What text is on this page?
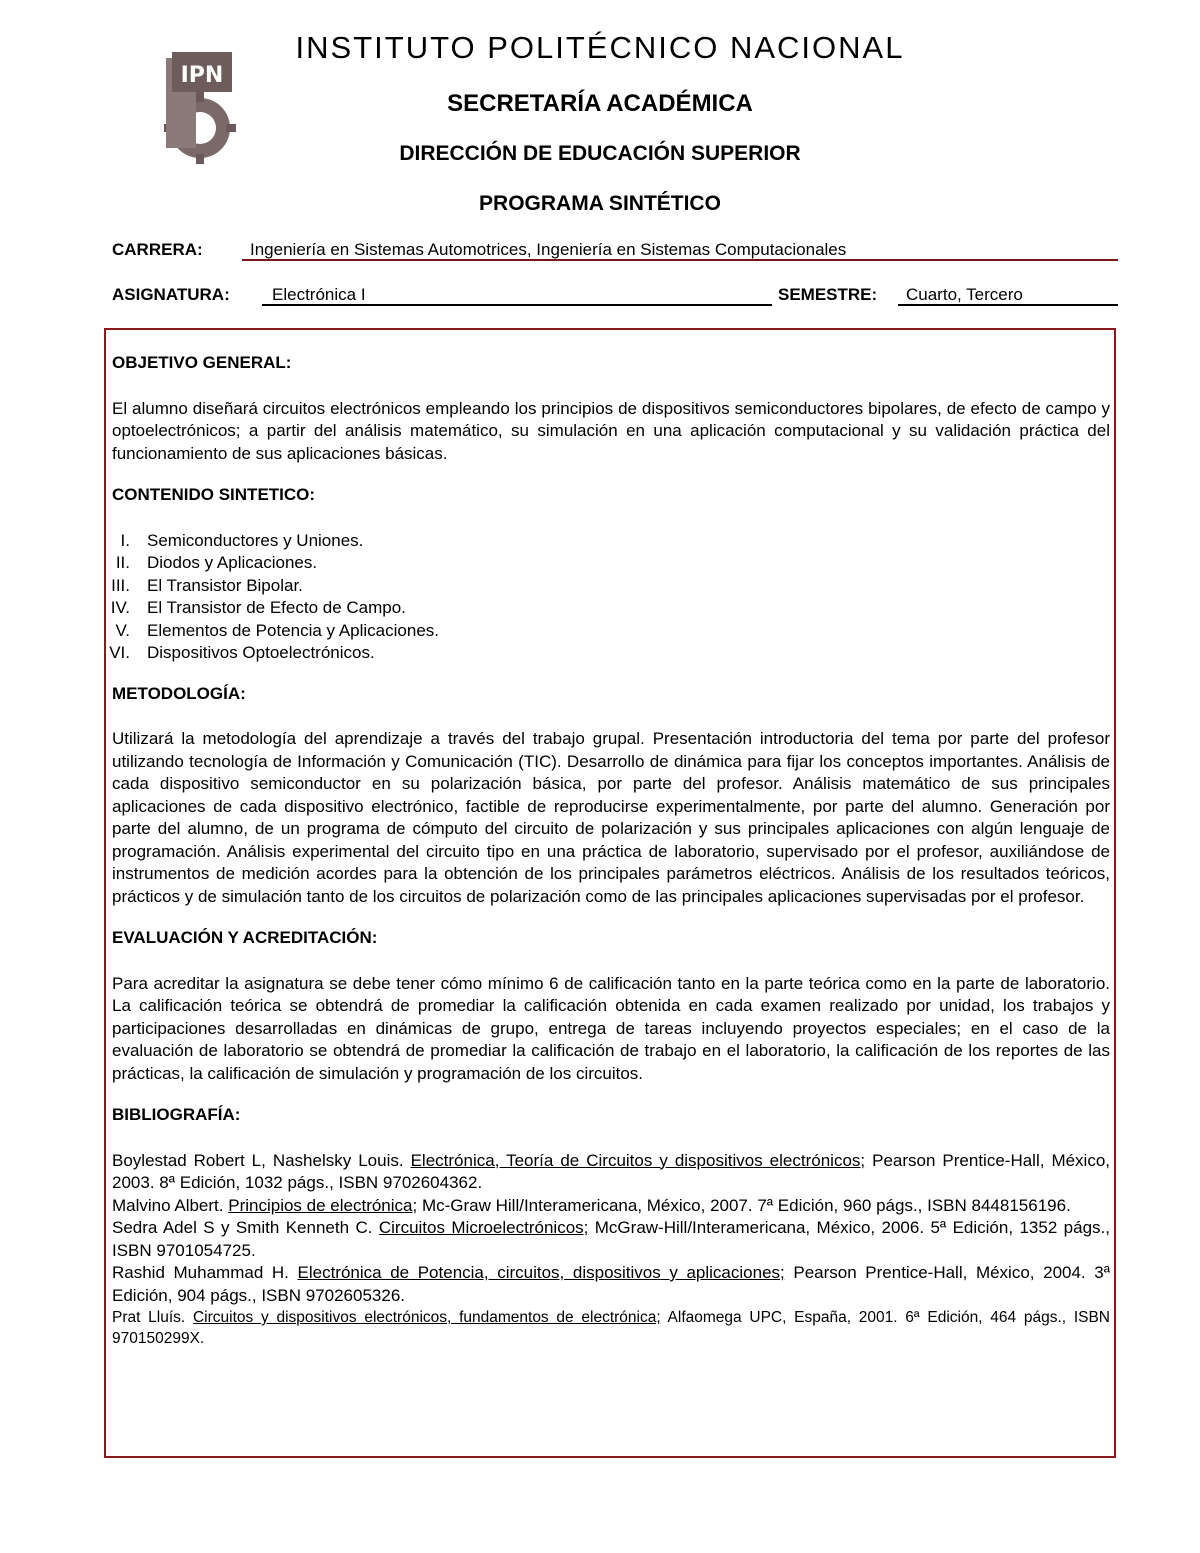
IPN
INSTITUTO POLITÉCNICO NACIONAL
SECRETARÍA ACADÉMICA
DIRECCIÓN DE EDUCACIÓN SUPERIOR
PROGRAMA SINTÉTICO
CARRERA:	Ingeniería en Sistemas Automotrices, Ingeniería en Sistemas Computacionales
ASIGNATURA: Electrónica I	SEMESTRE: Cuarto, Tercero
OBJETIVO GENERAL:
El alumno diseñará circuitos electrónicos empleando los principios de dispositivos semiconductores bipolares, de efecto de campo y optoelectrónicos; a partir del análisis matemático, su simulación en una aplicación computacional y su validación práctica del funcionamiento de sus aplicaciones básicas.
CONTENIDO SINTETICO:
I. Semiconductores y Uniones.
II. Diodos y Aplicaciones.
III. El Transistor Bipolar.
IV. El Transistor de Efecto de Campo.
V. Elementos de Potencia y Aplicaciones.
VI. Dispositivos Optoelectrónicos.
METODOLOGÍA:
Utilizará la metodología del aprendizaje a través del trabajo grupal. Presentación introductoria del tema por parte del profesor utilizando tecnología de Información y Comunicación (TIC). Desarrollo de dinámica para fijar los conceptos importantes. Análisis de cada dispositivo semiconductor en su polarización básica, por parte del profesor. Análisis matemático de sus principales aplicaciones de cada dispositivo electrónico, factible de reproducirse experimentalmente, por parte del alumno. Generación por parte del alumno, de un programa de cómputo del circuito de polarización y sus principales aplicaciones con algún lenguaje de programación. Análisis experimental del circuito tipo en una práctica de laboratorio, supervisado por el profesor, auxiliándose de instrumentos de medición acordes para la obtención de los principales parámetros eléctricos. Análisis de los resultados teóricos, prácticos y de simulación tanto de los circuitos de polarización como de las principales aplicaciones supervisadas por el profesor.
EVALUACIÓN Y ACREDITACIÓN:
Para acreditar la asignatura se debe tener cómo mínimo 6 de calificación tanto en la parte teórica como en la parte de laboratorio. La calificación teórica se obtendrá de promediar la calificación obtenida en cada examen realizado por unidad, los trabajos y participaciones desarrolladas en dinámicas de grupo, entrega de tareas incluyendo proyectos especiales; en el caso de la evaluación de laboratorio se obtendrá de promediar la calificación de trabajo en el laboratorio, la calificación de los reportes de las prácticas, la calificación de simulación y programación de los circuitos.
BIBLIOGRAFÍA:

Boylestad Robert L, Nashelsky Louis. Electrónica, Teoría de Circuitos y dispositivos electrónicos; Pearson Prentice-Hall, México, 2003. 8ª Edición, 1032 págs., ISBN 9702604362.

Malvino Albert. Principios de electrónica; Mc-Graw Hill/Interamericana, México, 2007. 7ª Edición, 960 págs., ISBN 8448156196.

Sedra Adel S y Smith Kenneth C. Circuitos Microelectrónicos; McGraw-Hill/Interamericana, México, 2006. 5ª Edición, 1352 págs., ISBN 9701054725.

Rashid Muhammad H. Electrónica de Potencia, circuitos, dispositivos y aplicaciones; Pearson Prentice-Hall, México, 2004. 3ª Edición, 904 págs., ISBN 9702605326.

Prat Lluís. Circuitos y dispositivos electrónicos, fundamentos de electrónica; Alfaomega UPC, España, 2001. 6ª Edición, 464 págs., ISBN 970150299X.
